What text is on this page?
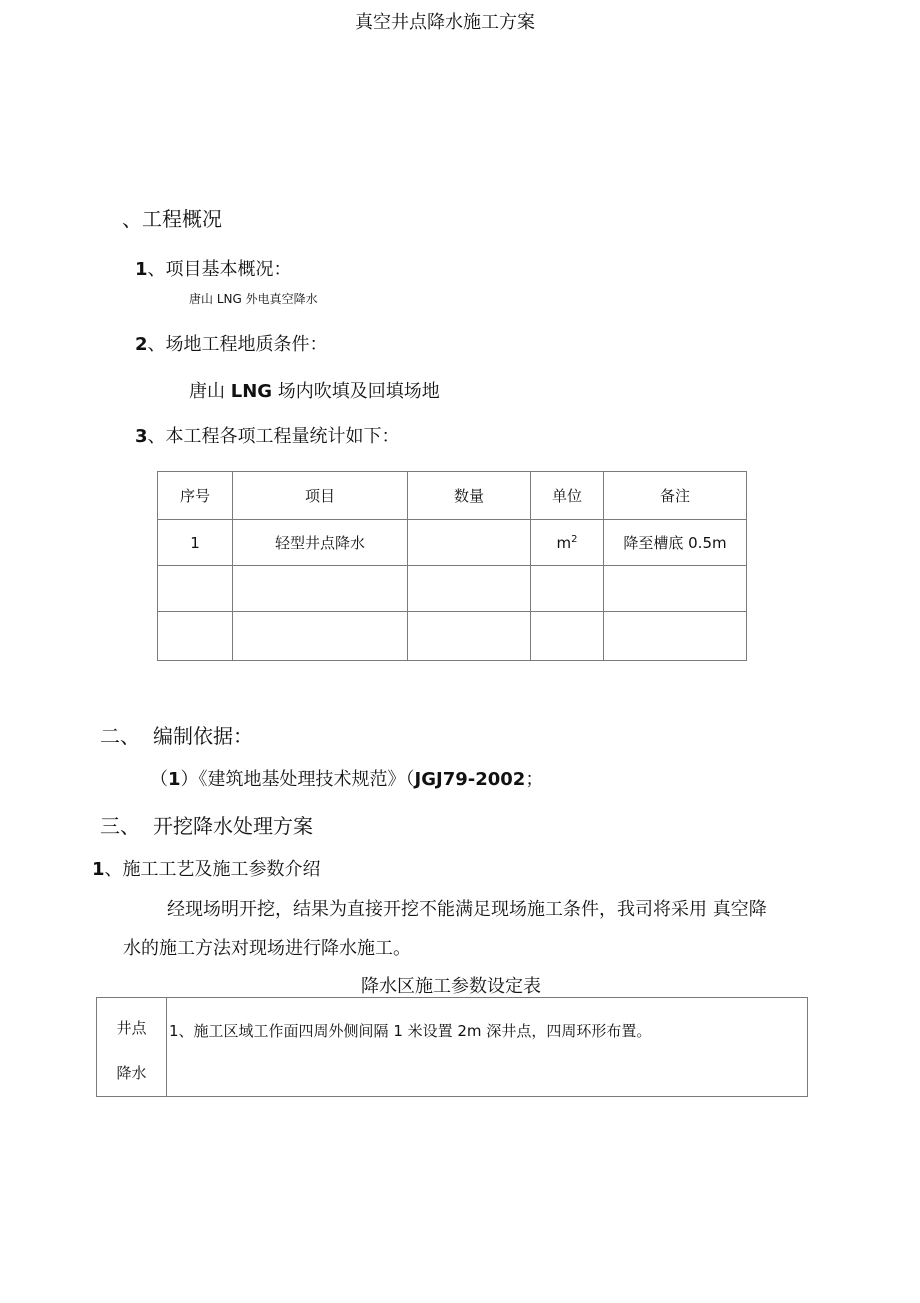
真空井点降水施工方案
、工程概况
1、项目基本概况：
唐山 LNG 外电真空降水
2、场地工程地质条件：
唐山 LNG 场内吹填及回填场地
3、本工程各项工程量统计如下：
序号	项目	数量	单位	备注
1	轻型井点降水		$m^2$	降至槽底 0.5m

二、 编制依据：
（1）《建筑地基处理技术规范》（JGJ79-2002；
三、 开挖降水处理方案
1、施工工艺及施工参数介绍
经现场明开挖，结果为直接开挖不能满足现场施工条件，我司将采用 真空降
水的施工方法对现场进行降水施工。
降水区施工参数设定表
井点
降水
	1、施工区域工作面四周外侧间隔 1 米设置 2m 深井点，四周环形布置。
